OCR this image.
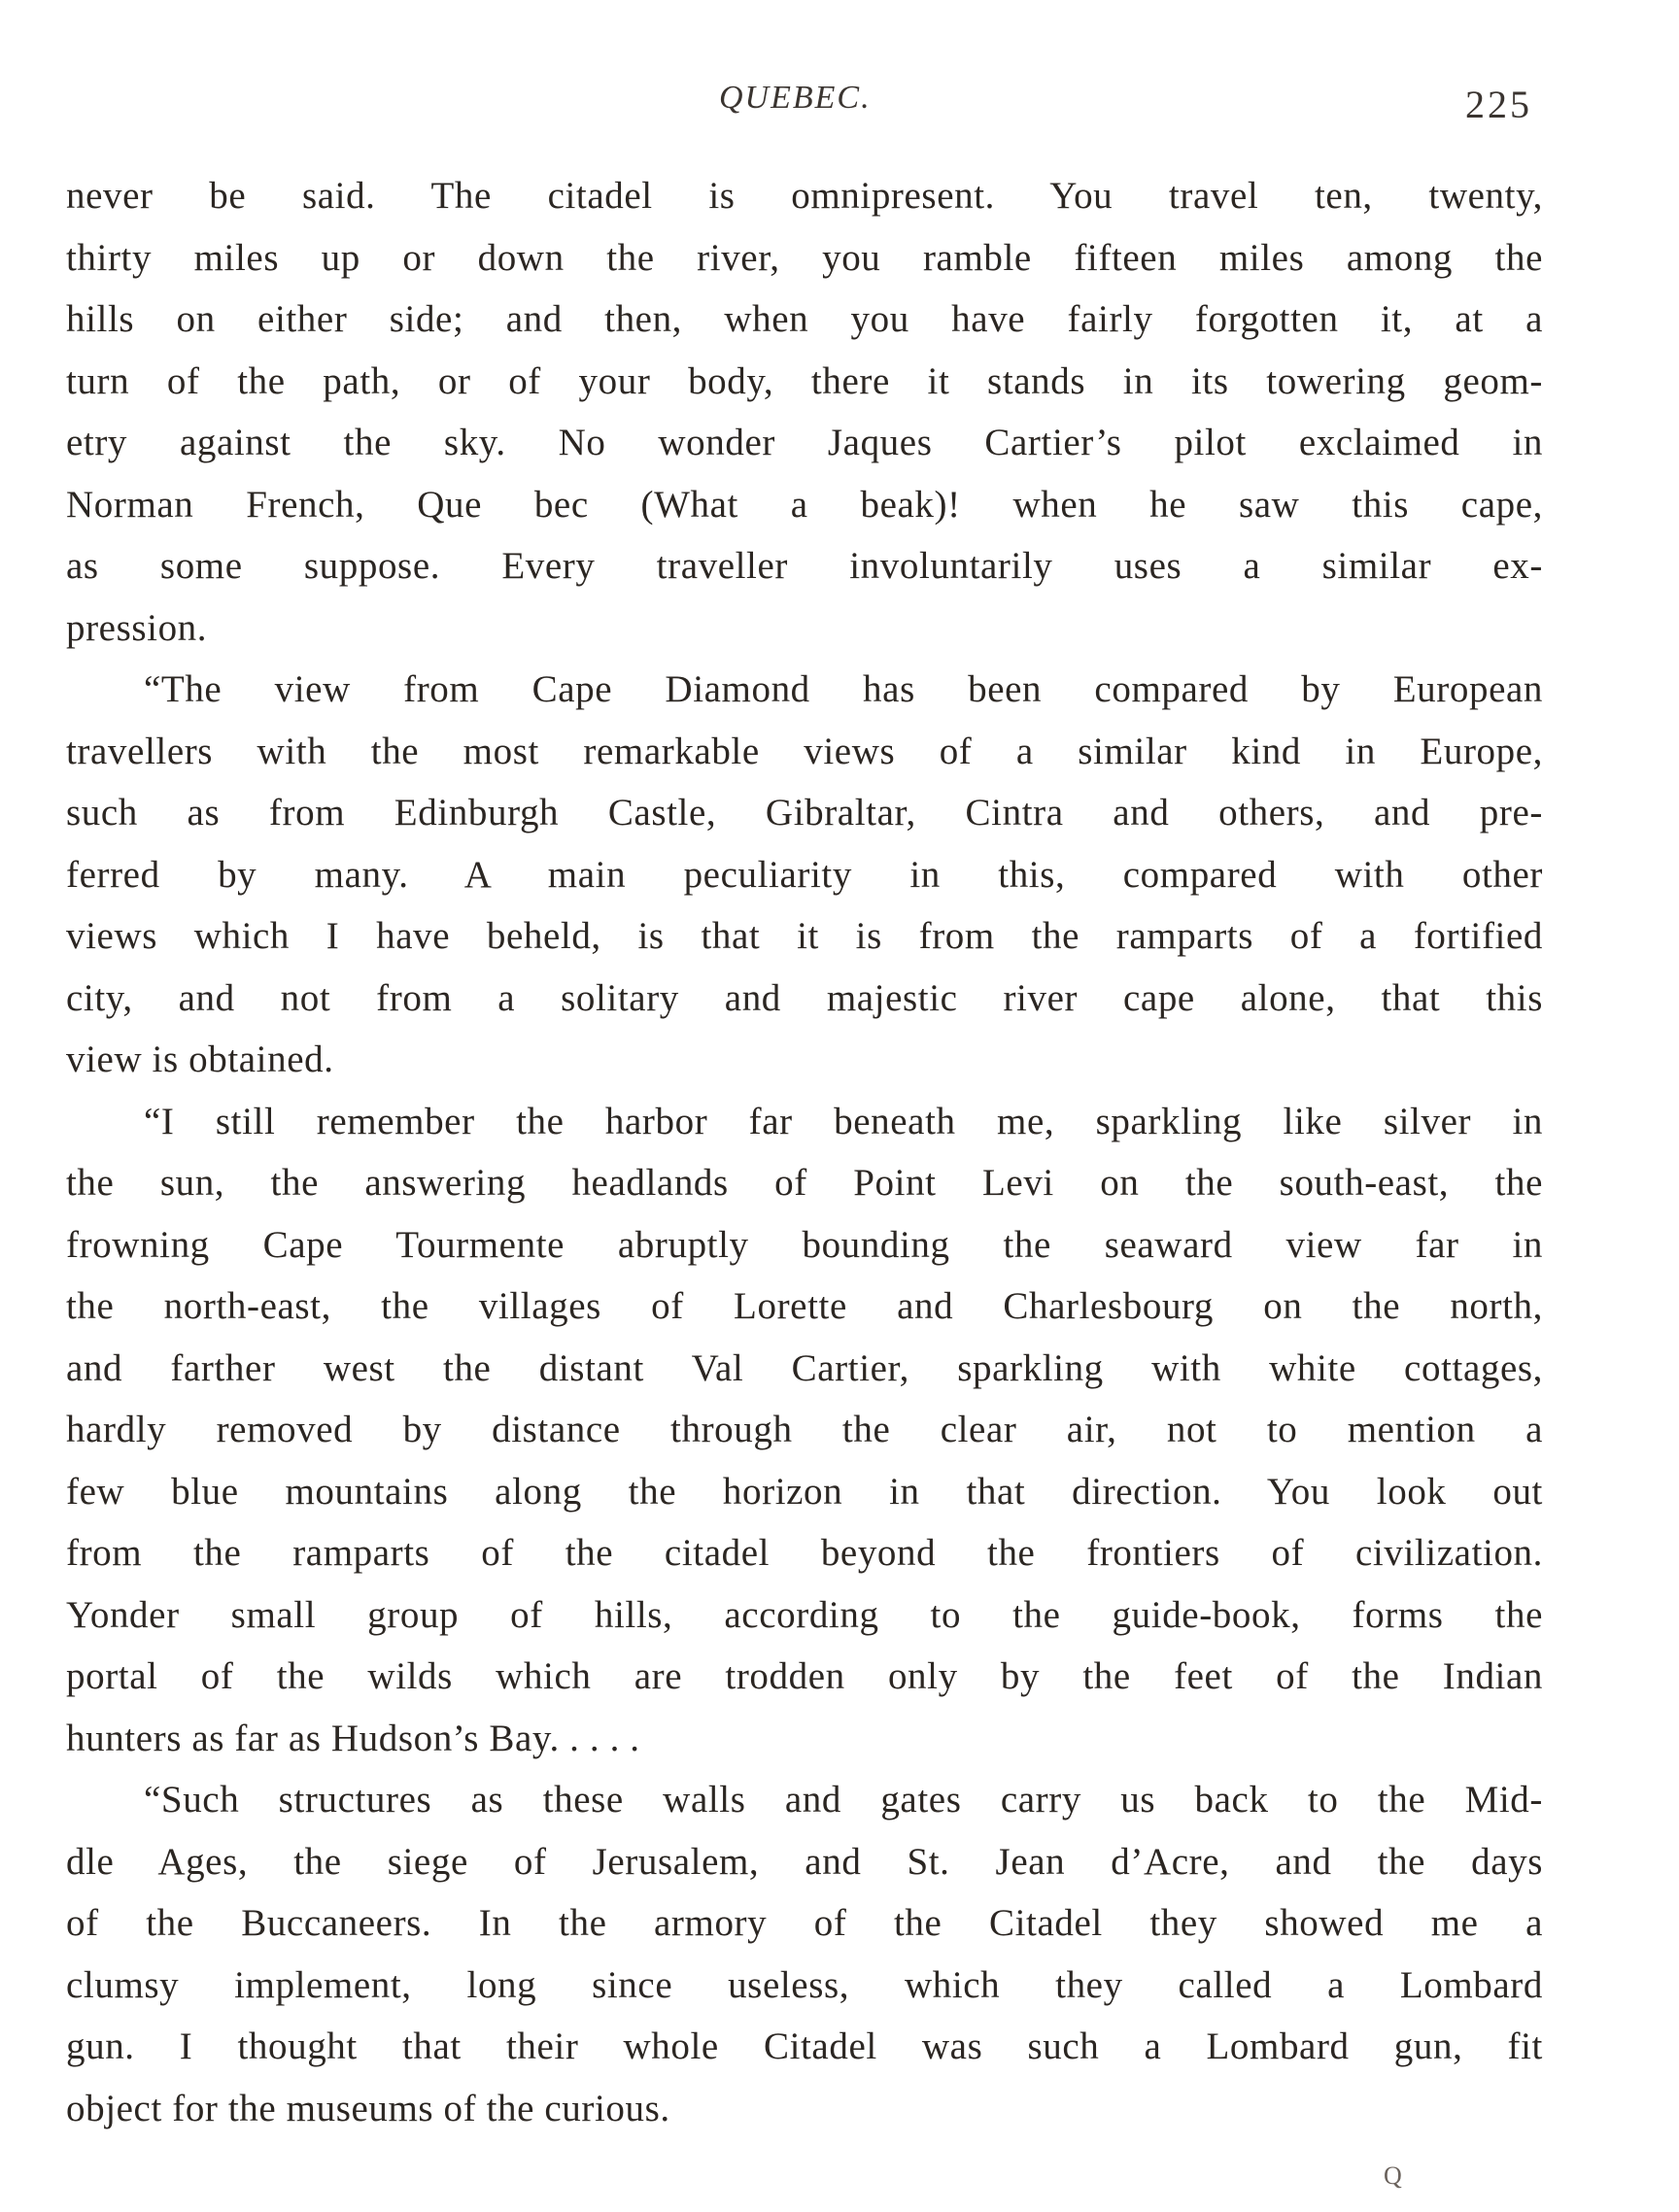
QUEBEC.	225
never be said. The citadel is omnipresent. You travel ten, twenty,
thirty miles up or down the river, you ramble fifteen miles among the
hills on either side; and then, when you have fairly forgotten it, at a
turn of the path, or of your body, there it stands in its towering geom-
etry against the sky. No wonder Jaques Cartier’s pilot exclaimed in
Norman French, Que bec (What a beak)! when he saw this cape,
as some suppose. Every traveller involuntarily uses a similar ex-
pression.
“The view from Cape Diamond has been compared by European
travellers with the most remarkable views of a similar kind in Europe,
such as from Edinburgh Castle, Gibraltar, Cintra and others, and pre-
ferred by many. A main peculiarity in this, compared with other
views which I have beheld, is that it is from the ramparts of a fortified
city, and not from a solitary and majestic river cape alone, that this
view is obtained.
“I still remember the harbor far beneath me, sparkling like silver in
the sun, the answering headlands of Point Levi on the south-east, the
frowning Cape Tourmente abruptly bounding the seaward view far in
the north-east, the villages of Lorette and Charlesbourg on the north,
and farther west the distant Val Cartier, sparkling with white cottages,
hardly removed by distance through the clear air, not to mention a
few blue mountains along the horizon in that direction. You look out
from the ramparts of the citadel beyond the frontiers of civilization.
Yonder small group of hills, according to the guide-book, forms the
portal of the wilds which are trodden only by the feet of the Indian
hunters as far as Hudson’s Bay. . . . .
“Such structures as these walls and gates carry us back to the Mid-
dle Ages, the siege of Jerusalem, and St. Jean d’Acre, and the days
of the Buccaneers. In the armory of the Citadel they showed me a
clumsy implement, long since useless, which they called a Lombard
gun. I thought that their whole Citadel was such a Lombard gun, fit
object for the museums of the curious.
Q
